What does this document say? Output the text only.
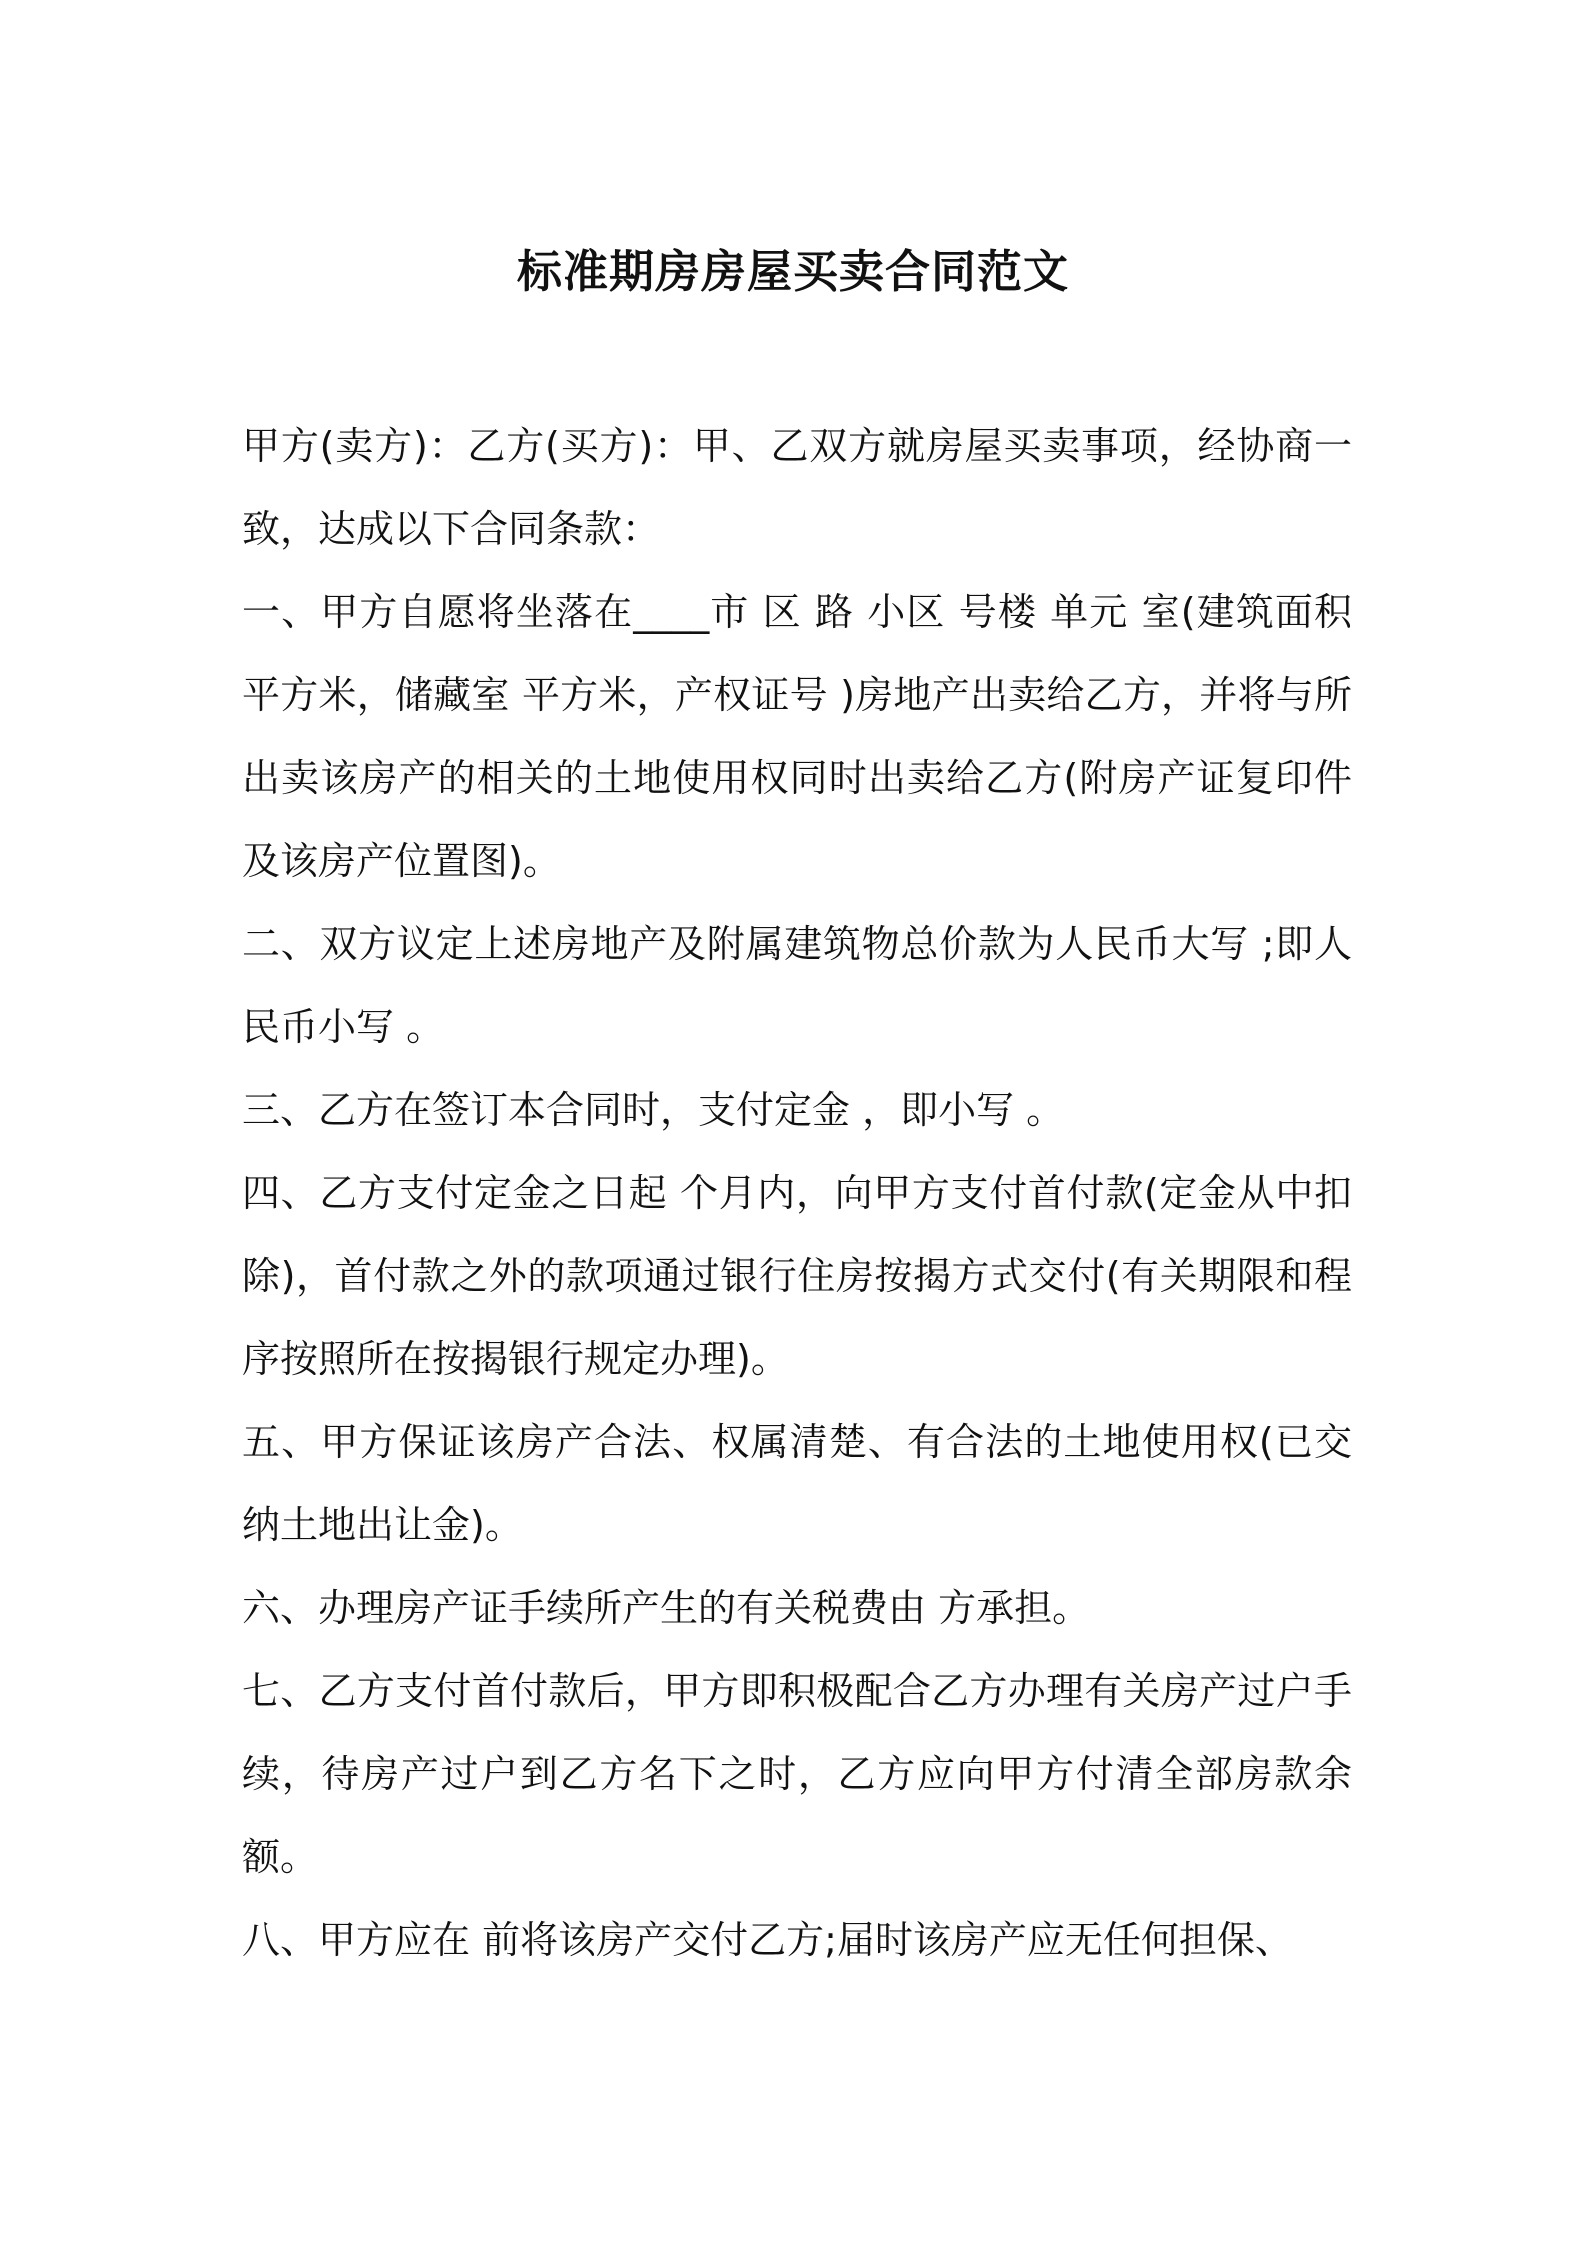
标准期房房屋买卖合同范文

甲方(卖方)：乙方(买方)：甲、乙双方就房屋买卖事项，经协商一致，达成以下合同条款：

一、甲方自愿将坐落在____市 区 路 小区 号楼 单元 室(建筑面积 平方米，储藏室 平方米，产权证号 )房地产出卖给乙方，并将与所出卖该房产的相关的土地使用权同时出卖给乙方(附房产证复印件及该房产位置图)。

二、双方议定上述房地产及附属建筑物总价款为人民币大写 ;即人民币小写 。

三、乙方在签订本合同时，支付定金 ，即小写 。

四、乙方支付定金之日起 个月内，向甲方支付首付款(定金从中扣除)，首付款之外的款项通过银行住房按揭方式交付(有关期限和程序按照所在按揭银行规定办理)。

五、甲方保证该房产合法、权属清楚、有合法的土地使用权(已交纳土地出让金)。

六、办理房产证手续所产生的有关税费由 方承担。

七、乙方支付首付款后，甲方即积极配合乙方办理有关房产过户手续，待房产过户到乙方名下之时，乙方应向甲方付清全部房款余额。

八、甲方应在 前将该房产交付乙方;届时该房产应无任何担保、
